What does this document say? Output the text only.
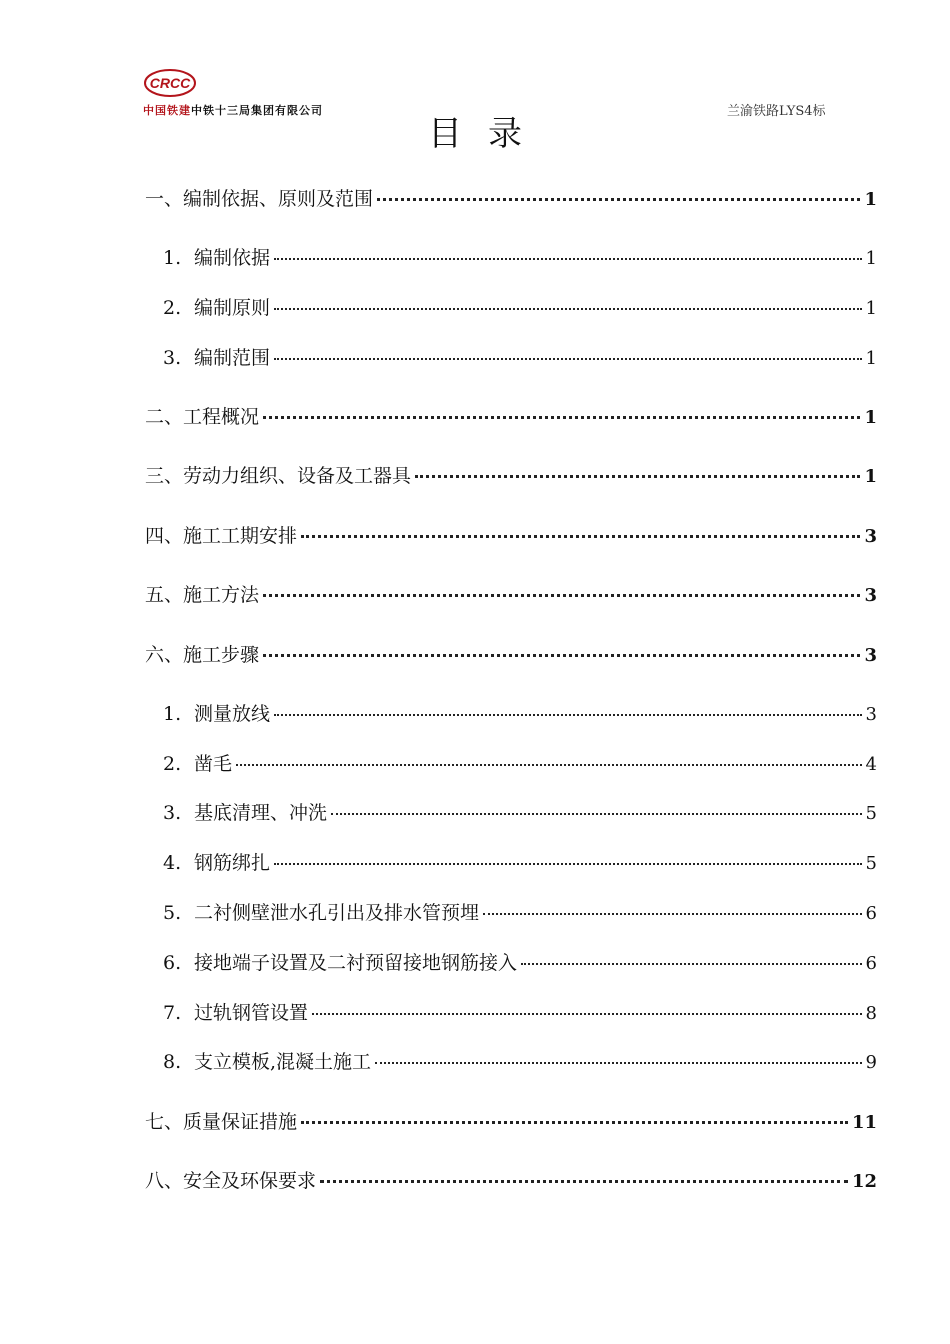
CRCC
中国铁建中铁十三局集团有限公司	兰渝铁路LYS4标
目录
一、编制依据、原则及范围	1
1. 编制依据	1
2. 编制原则	1
3. 编制范围	1
二、工程概况	1
三、劳动力组织、设备及工器具	1
四、施工工期安排	3
五、施工方法	3
六、施工步骤	3
1. 测量放线	3
2. 凿毛	4
3. 基底清理、冲洗	5
4. 钢筋绑扎	5
5. 二衬侧壁泄水孔引出及排水管预埋	6
6. 接地端子设置及二衬预留接地钢筋接入	6
7. 过轨钢管设置	8
8. 支立模板,混凝土施工	9
七、质量保证措施	11
八、安全及环保要求	12
